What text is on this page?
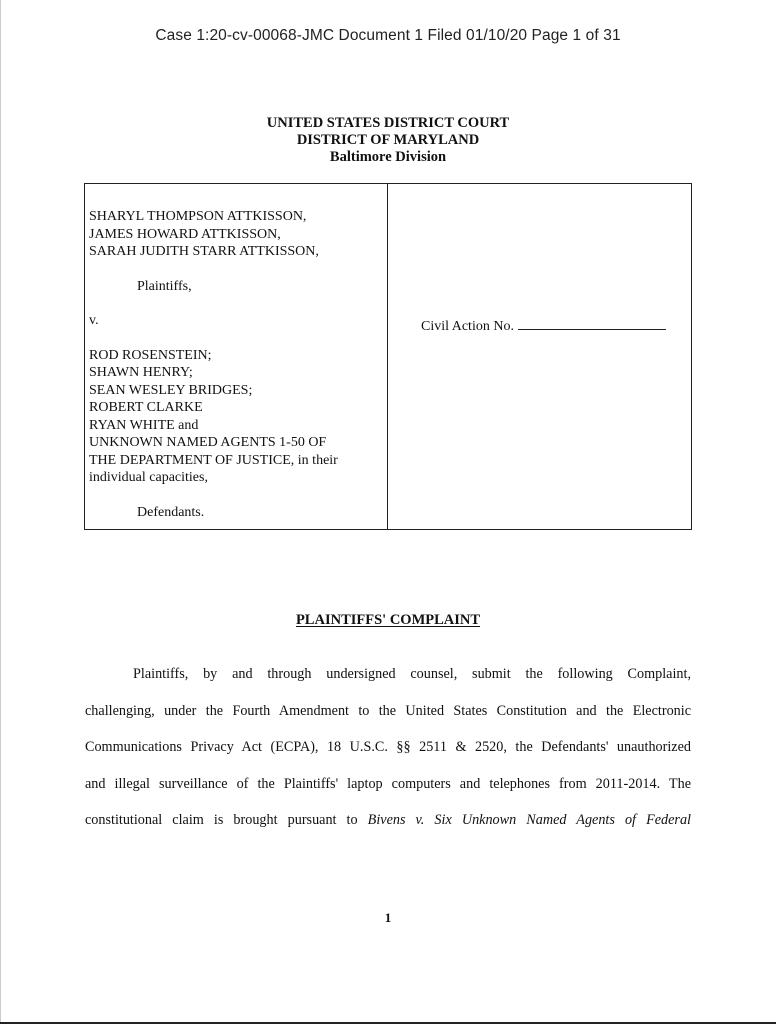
Case 1:20-cv-00068-JMC Document 1 Filed 01/10/20 Page 1 of 31
UNITED STATES DISTRICT COURT
DISTRICT OF MARYLAND
Baltimore Division
SHARYL THOMPSON ATTKISSON,
JAMES HOWARD ATTKISSON,
SARAH JUDITH STARR ATTKISSON,
Plaintiffs,
v.
ROD ROSENSTEIN;
SHAWN HENRY;
SEAN WESLEY BRIDGES;
ROBERT CLARKE
RYAN WHITE and
UNKNOWN NAMED AGENTS 1-50 OF
THE DEPARTMENT OF JUSTICE, in their
individual capacities,
Defendants.
Civil Action No.
PLAINTIFFS' COMPLAINT
Plaintiffs, by and through undersigned counsel, submit the following Complaint,
challenging, under the Fourth Amendment to the United States Constitution and the Electronic
Communications Privacy Act (ECPA), 18 U.S.C. §§ 2511 & 2520, the Defendants' unauthorized
and illegal surveillance of the Plaintiffs' laptop computers and telephones from 2011-2014. The
constitutional claim is brought pursuant to Bivens v. Six Unknown Named Agents of Federal
1
